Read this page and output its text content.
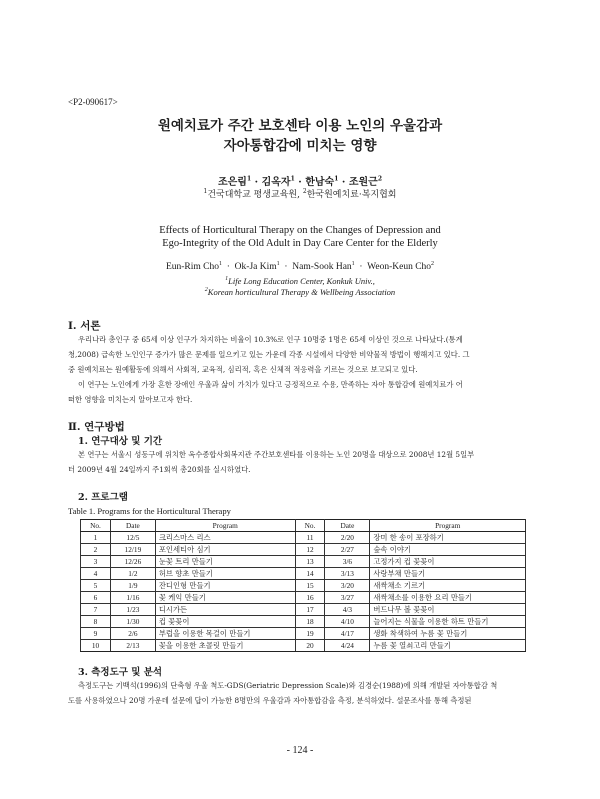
<P2-090617>
원예치료가 주간 보호센타 이용 노인의 우울감과
자아통합감에 미치는 영향
조은림$^1$ · 김옥자$^1$ · 한남숙$^1$ · 조원근$^2$
$^1$건국대학교 평생교육원, $^2$한국원예치료·복지협회
Effects of Horticultural Therapy on the Changes of Depression and
Ego-Integrity of the Old Adult in Day Care Center for the Elderly
Eun-Rim Cho$^1$  ·  Ok-Ja Kim$^1$  ·  Nam-Sook Han$^1$  ·  Weon-Keun Cho$^2$
$^1$Life Long Education Center, Konkuk Univ.,
$^2$Korean horticultural Therapy & Wellbeing Association
Ⅰ. 서론
우리나라 총인구 중 65세 이상 인구가 차지하는 비율이 10.3%로 인구 10명중 1명은 65세 이상인 것으로 나타났다.(통계
청,2008) 급속한 노인인구 증가가 많은 문제를 일으키고 있는 가운데 각종 시설에서 다양한 비약물적 방법이 행해지고 있다. 그
중 원예치료는 원예활동에 의해서 사회적, 교육적, 심리적, 혹은 신체적 적응력을 기르는 것으로 보고되고 있다.
이 연구는 노인에게 가장 흔한 장애인 우울과 삶이 가치가 있다고 긍정적으로 수용, 만족하는 자아 통합감에 원예치료가 어
떠한 영향을 미치는지 알아보고자 한다.
Ⅱ. 연구방법
1. 연구대상 및 기간
본 연구는 서울시 성동구에 위치한 옥수종합사회복지관 주간보호센타를 이용하는 노인 20명을 대상으로 2008년 12월 5일부
터 2009년 4월 24일까지 주1회씩 총20회를 실시하였다.
2. 프로그램
Table 1. Programs for the Horticultural Therapy
No.	Date	Program	No.	Date	Program
1	12/5	크리스마스 리스	11	2/20	장미 한 송이 포장하기
2	12/19	포인세티아 심기	12	2/27	숲속 이야기
3	12/26	눈꽃 트리 만들기	13	3/6	고정가지 컵 꽃꽂이
4	1/2	허브 향초 만들기	14	3/13	사랑부채 만들기
5	1/9	잔디인형 만들기	15	3/20	새싹채소 기르기
6	1/16	꽃 케익 만들기	16	3/27	새싹채소를 이용한 요리 만들기
7	1/23	디시가든	17	4/3	버드나무 볼 꽃꽂이
8	1/30	컵 꽃꽂이	18	4/10	늘어지는 식물을 이용한 하트 만들기
9	2/6	부럽을 이용한 목걸이 만들기	19	4/17	생화 착색하여 누름 꽃 만들기
10	2/13	꽃을 이용한 초콜릿 만들기	20	4/24	누름 꽃 열쇠고리 만들기
3. 측정도구 및 분석
측정도구는 기백석(1996)의 단축형 우울 척도-GDS(Geriatric Depression Scale)와 김경순(1988)에 의해 개발된 자아통합감 척
도를 사용하였으나 20명 가운데 설문에 답이 가능한 8명만의 우울감과 자아통합감을 측정, 분석하였다. 설문조사를 통해 측정된
- 124 -
